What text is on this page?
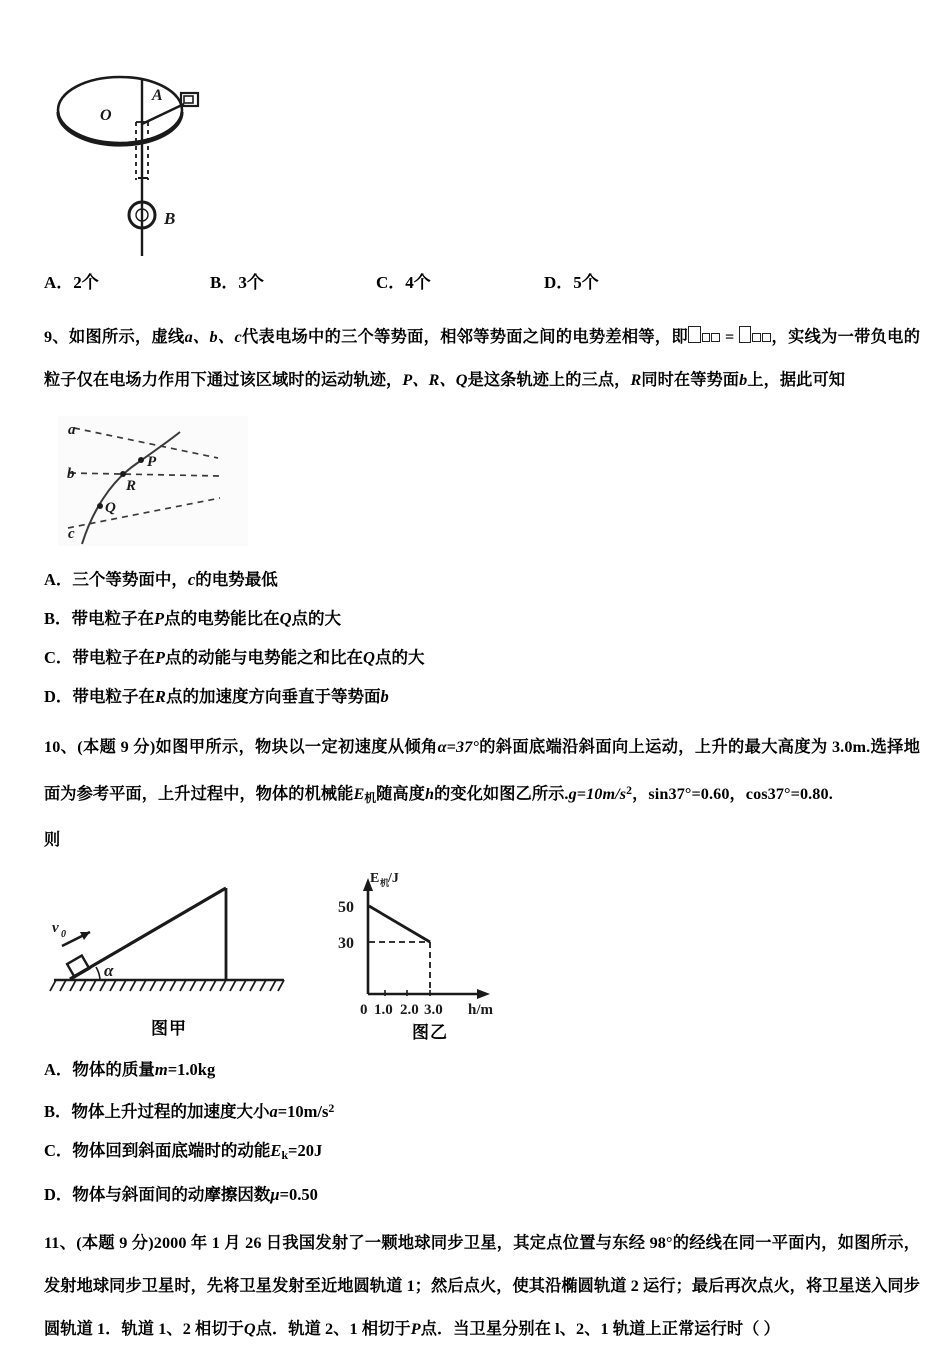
O
A
B
A．2个	B．3个	C．4个	D．5个
9、如图所示，虚线a、b、c代表电场中的三个等势面，相邻等势面之间的电势差相等，即 = ，实线为一带负电的粒子仅在电场力作用下通过该区域时的运动轨迹，P、R、Q是这条轨迹上的三点，R同时在等势面b上，据此可知
a
b
c
P
R
Q
A．三个等势面中，c的电势最低
B．带电粒子在P点的电势能比在Q点的大
C．带电粒子在P点的动能与电势能之和比在Q点的大
D．带电粒子在R点的加速度方向垂直于等势面b
10、(本题 9 分)如图甲所示，物块以一定初速度从倾角α=37°的斜面底端沿斜面向上运动，上升的最大高度为 3.0m.选择地面为参考平面，上升过程中，物体的机械能$E_机$随高度h的变化如图乙所示$.g=10m/s^2$，sin37°=0.60，cos37°=0.80.
则
v 0
α
图甲
E 机
/J
50
30
0 1.0 2.0 3.0 h/m
图乙
A．物体的质量m=1.0kg
B．物体上升过程的加速度大小$a=10m/s^2$
C．物体回到斜面底端时的动能$E_k=20J$
D．物体与斜面间的动摩擦因数μ=0.50
11、(本题 9 分)2000 年 1 月 26 日我国发射了一颗地球同步卫星，其定点位置与东经 98°的经线在同一平面内，如图所示，发射地球同步卫星时，先将卫星发射至近地圆轨道 1；然后点火，使其沿椭圆轨道 2 运行；最后再次点火，将卫星送入同步圆轨道 1．轨道 1、2 相切于Q点．轨道 2、1 相切于P点．当卫星分别在 l、2、1 轨道上正常运行时（ ）
